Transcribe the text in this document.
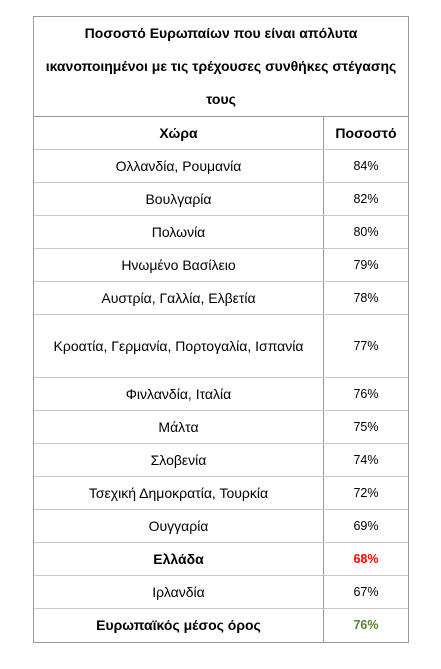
Ποσοστό Ευρωπαίων που είναι απόλυτα ικανοποιημένοι με τις τρέχουσες συνθήκες στέγασης τους
Χώρα	Ποσοστό
Ολλανδία, Ρουμανία	84%
Βουλγαρία	82%
Πολωνία	80%
Ηνωμένο Βασίλειο	79%
Αυστρία, Γαλλία, Ελβετία	78%
Κροατία, Γερμανία, Πορτογαλία, Ισπανία	77%
Φινλανδία, Ιταλία	76%
Μάλτα	75%
Σλοβενία	74%
Τσεχική Δημοκρατία, Τουρκία	72%
Ουγγαρία	69%
Ελλάδα	68%
Ιρλανδία	67%
Ευρωπαϊκός μέσος όρος	76%
